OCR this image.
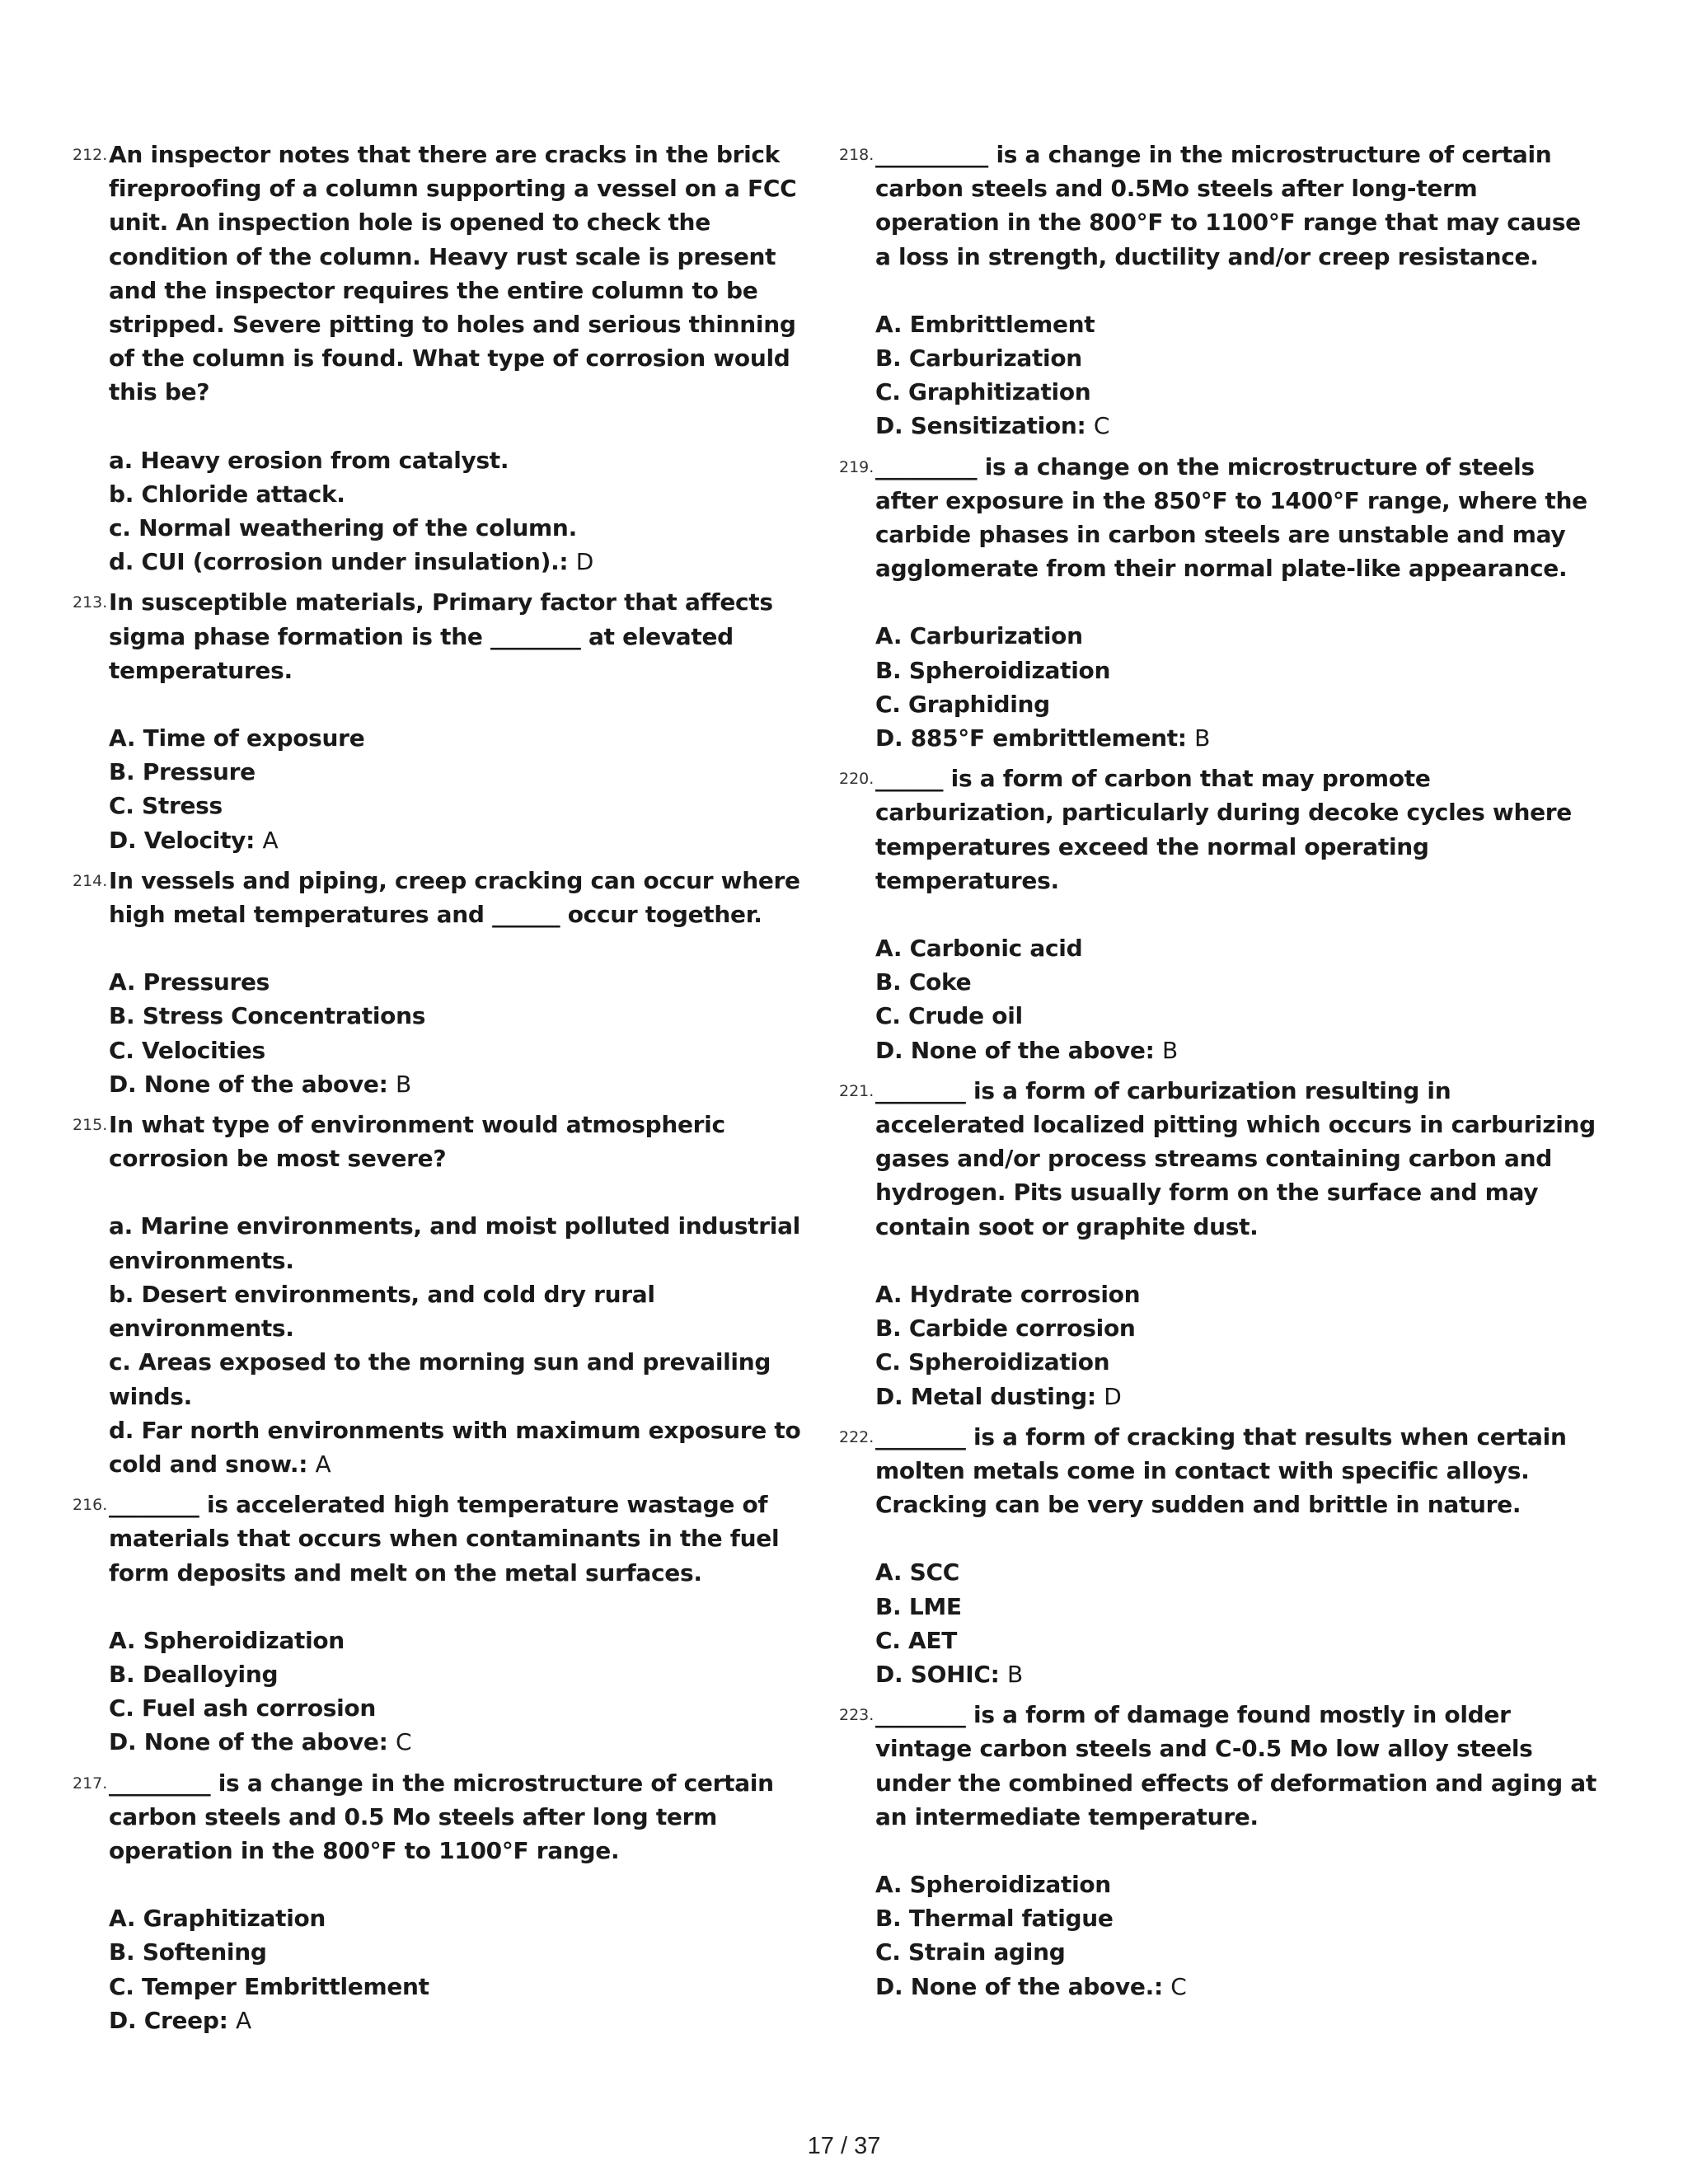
212. An inspector notes that there are cracks in the brick fireproofing of a column supporting a vessel on a FCC unit. An inspection hole is opened to check the condition of the column. Heavy rust scale is present and the inspector requires the entire column to be stripped. Severe pitting to holes and serious thinning of the column is found. What type of corrosion would this be?

a. Heavy erosion from catalyst.

b. Chloride attack.

c. Normal weathering of the column.

d. CUI (corrosion under insulation).: D

213. In susceptible materials, Primary factor that affects sigma phase formation is the ________ at elevated temperatures.

A. Time of exposure

B. Pressure

C. Stress

D. Velocity: A

214. In vessels and piping, creep cracking can occur where high metal temperatures and ______ occur together.

A. Pressures

B. Stress Concentrations

C. Velocities

D. None of the above: B

215. In what type of environment would atmospheric corrosion be most severe?

a. Marine environments, and moist polluted industrial environments.

b. Desert environments, and cold dry rural environments.

c. Areas exposed to the morning sun and prevailing winds.

d. Far north environments with maximum exposure to cold and snow.: A

216. ________ is accelerated high temperature wastage of materials that occurs when contaminants in the fuel form deposits and melt on the metal surfaces.

A. Spheroidization

B. Dealloying

C. Fuel ash corrosion

D. None of the above: C

217. _________ is a change in the microstructure of certain carbon steels and 0.5 Mo steels after long term operation in the 800°F to 1100°F range.

A. Graphitization

B. Softening

C. Temper Embrittlement

D. Creep: A

218. __________ is a change in the microstructure of certain carbon steels and 0.5Mo steels after long-term operation in the 800°F to 1100°F range that may cause a loss in strength, ductility and/or creep resistance.

A. Embrittlement

B. Carburization

C. Graphitization

D. Sensitization: C

219. _________ is a change on the microstructure of steels after exposure in the 850°F to 1400°F range, where the carbide phases in carbon steels are unstable and may agglomerate from their normal plate-like appearance.

A. Carburization

B. Spheroidization

C. Graphiding

D. 885°F embrittlement: B

220. ______ is a form of carbon that may promote carburization, particularly during decoke cycles where temperatures exceed the normal operating temperatures.

A. Carbonic acid

B. Coke

C. Crude oil

D. None of the above: B

221. ________ is a form of carburization resulting in accelerated localized pitting which occurs in carburizing gases and/or process streams containing carbon and hydrogen. Pits usually form on the surface and may contain soot or graphite dust.

A. Hydrate corrosion

B. Carbide corrosion

C. Spheroidization

D. Metal dusting: D

222. ________ is a form of cracking that results when certain molten metals come in contact with specific alloys. Cracking can be very sudden and brittle in nature.

A. SCC

B. LME

C. AET

D. SOHIC: B

223. ________ is a form of damage found mostly in older vintage carbon steels and C-0.5 Mo low alloy steels under the combined effects of deformation and aging at an intermediate temperature.

A. Spheroidization

B. Thermal fatigue

C. Strain aging

D. None of the above.: C

17 / 37
